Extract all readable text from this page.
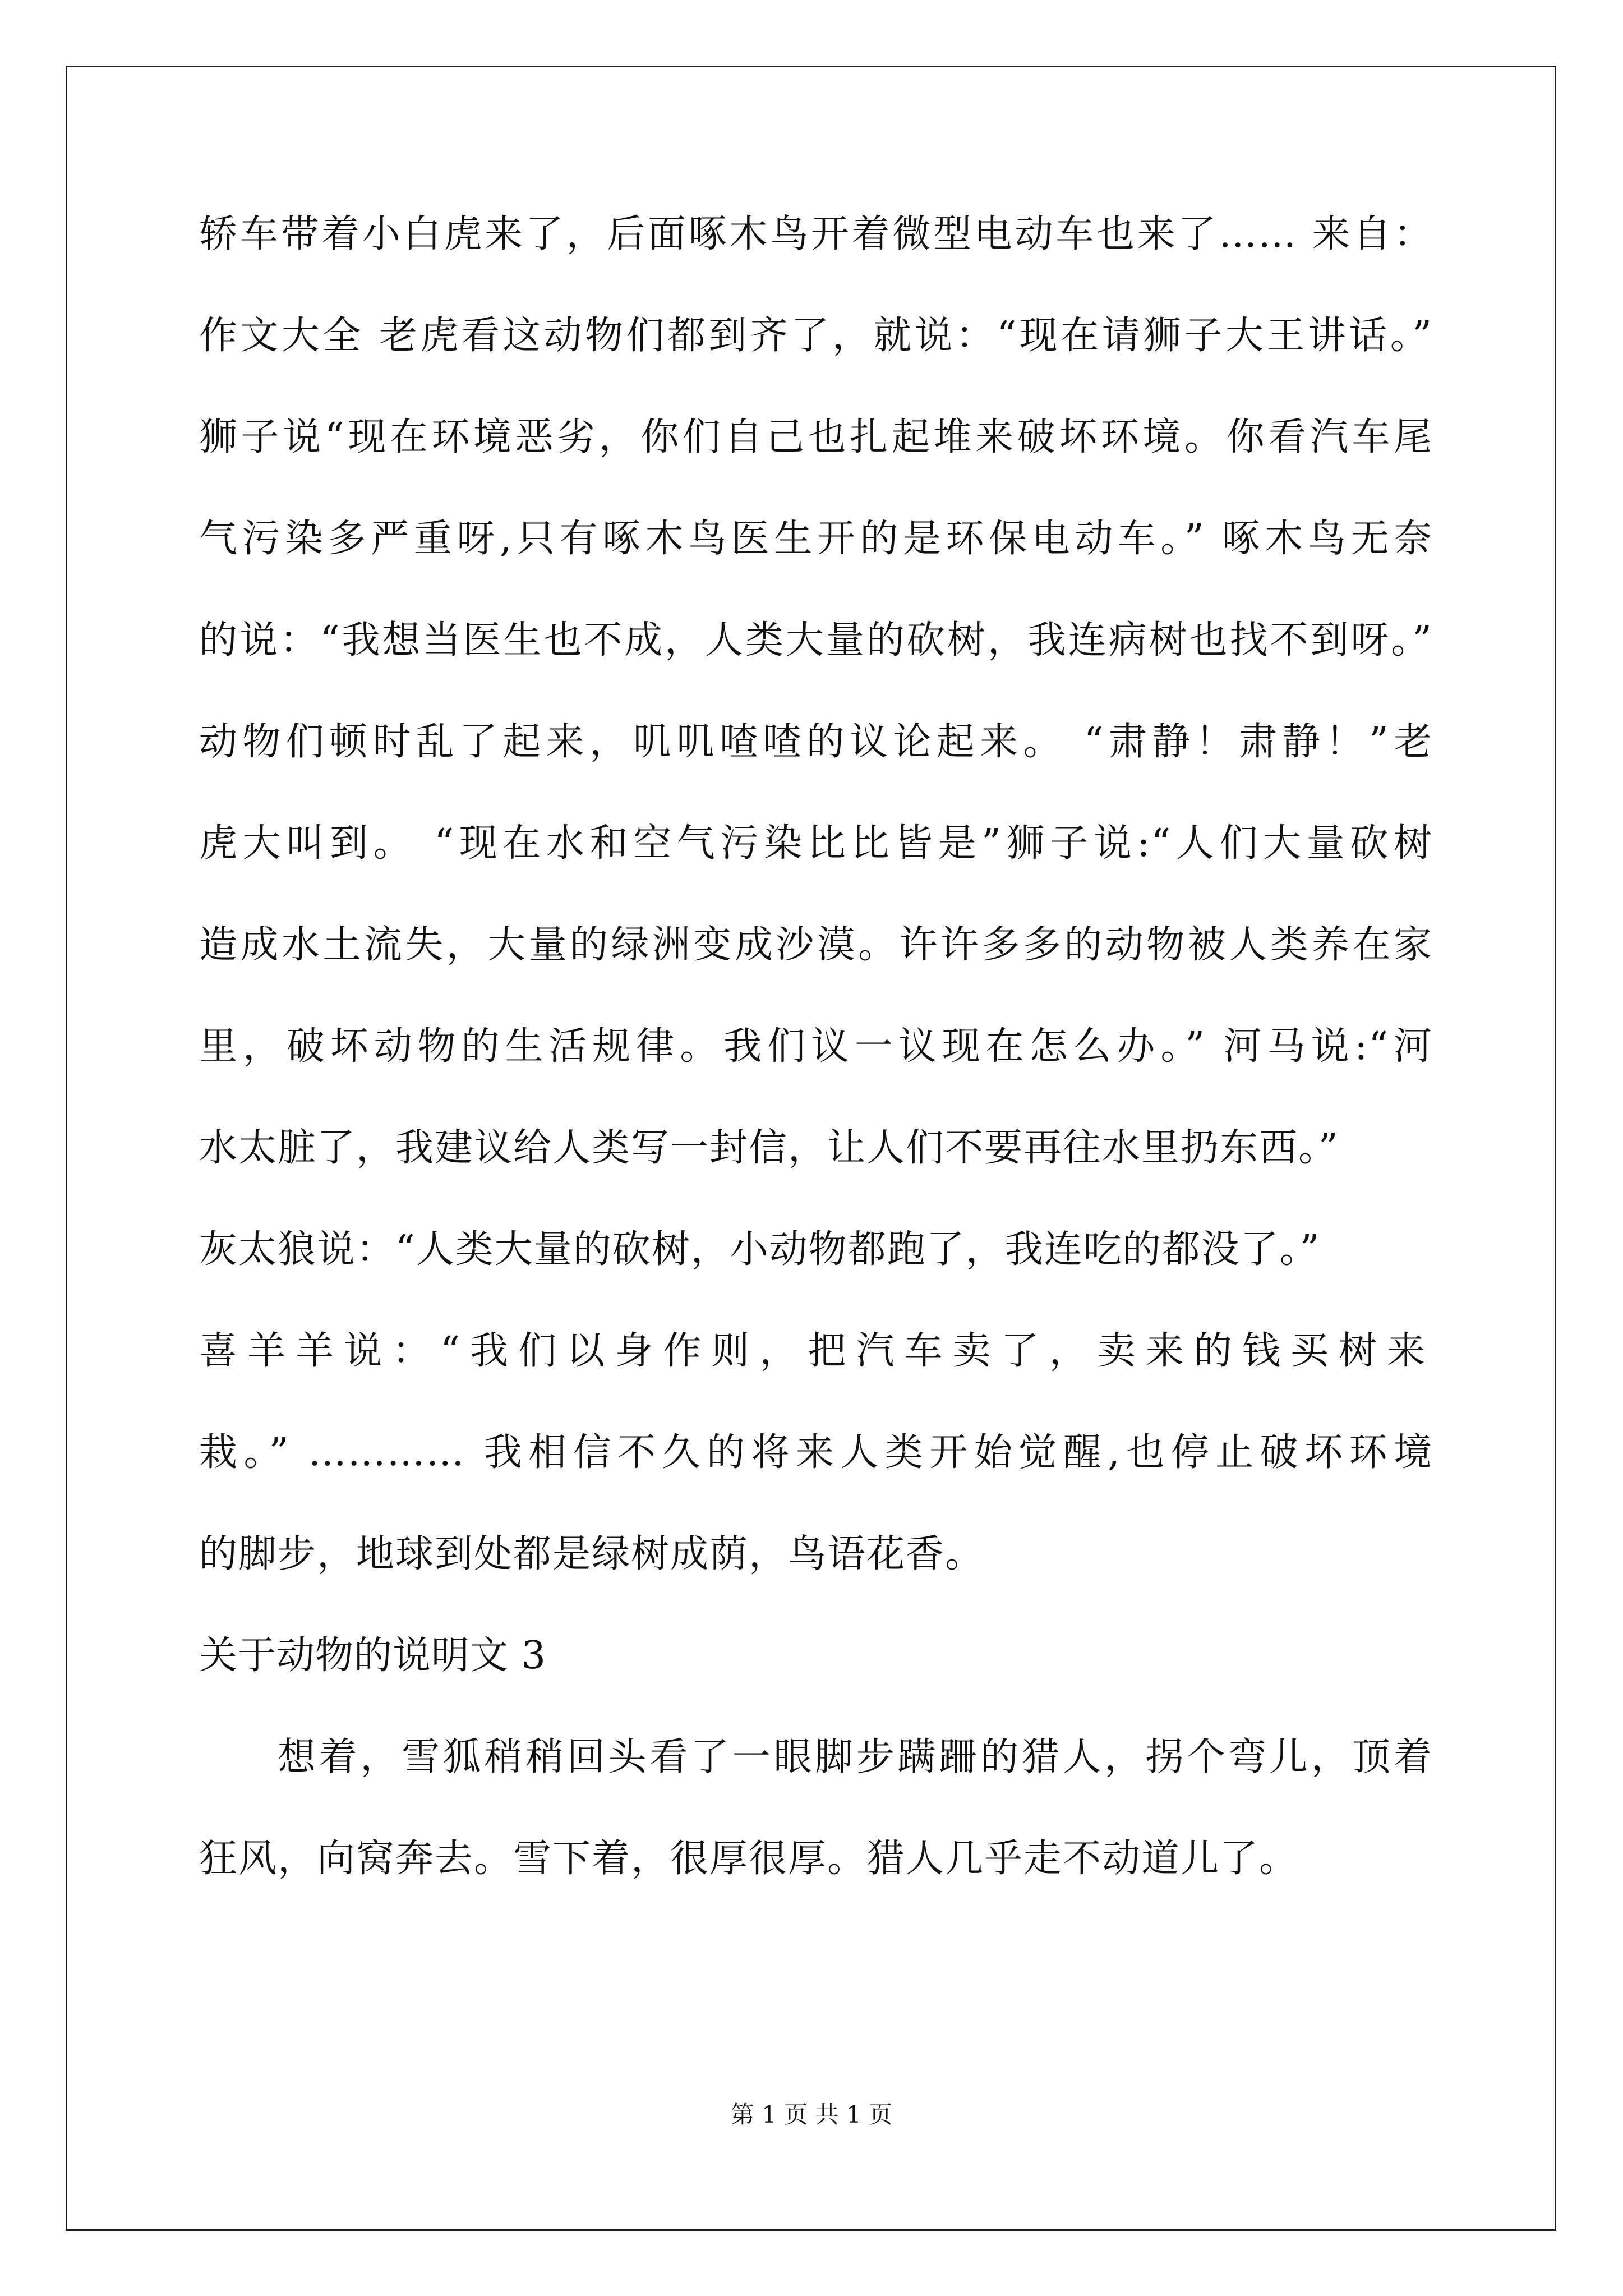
轿车带着小白虎来了，后面啄木鸟开着微型电动车也来了…… 来自：
作文大全 老虎看这动物们都到齐了，就说：“现在请狮子大王讲话。”
狮子说“现在环境恶劣，你们自己也扎起堆来破坏环境。你看汽车尾
气污染多严重呀,只有啄木鸟医生开的是环保电动车。” 啄木鸟无奈
的说：“我想当医生也不成，人类大量的砍树，我连病树也找不到呀。”
动物们顿时乱了起来，叽叽喳喳的议论起来。 “肃静！肃静！”老
虎大叫到。 “现在水和空气污染比比皆是”狮子说:“人们大量砍树
造成水土流失，大量的绿洲变成沙漠。许许多多的动物被人类养在家
里，破坏动物的生活规律。我们议一议现在怎么办。” 河马说:“河
水太脏了，我建议给人类写一封信，让人们不要再往水里扔东西。”
灰太狼说：“人类大量的砍树，小动物都跑了，我连吃的都没了。”
喜羊羊说：“我们以身作则，把汽车卖了，卖来的钱买树来
栽。” ………… 我相信不久的将来人类开始觉醒,也停止破坏环境
的脚步，地球到处都是绿树成荫，鸟语花香。
关于动物的说明文 3
想着，雪狐稍稍回头看了一眼脚步蹒跚的猎人，拐个弯儿，顶着
狂风，向窝奔去。雪下着，很厚很厚。猎人几乎走不动道儿了。
第 1 页 共 1 页
